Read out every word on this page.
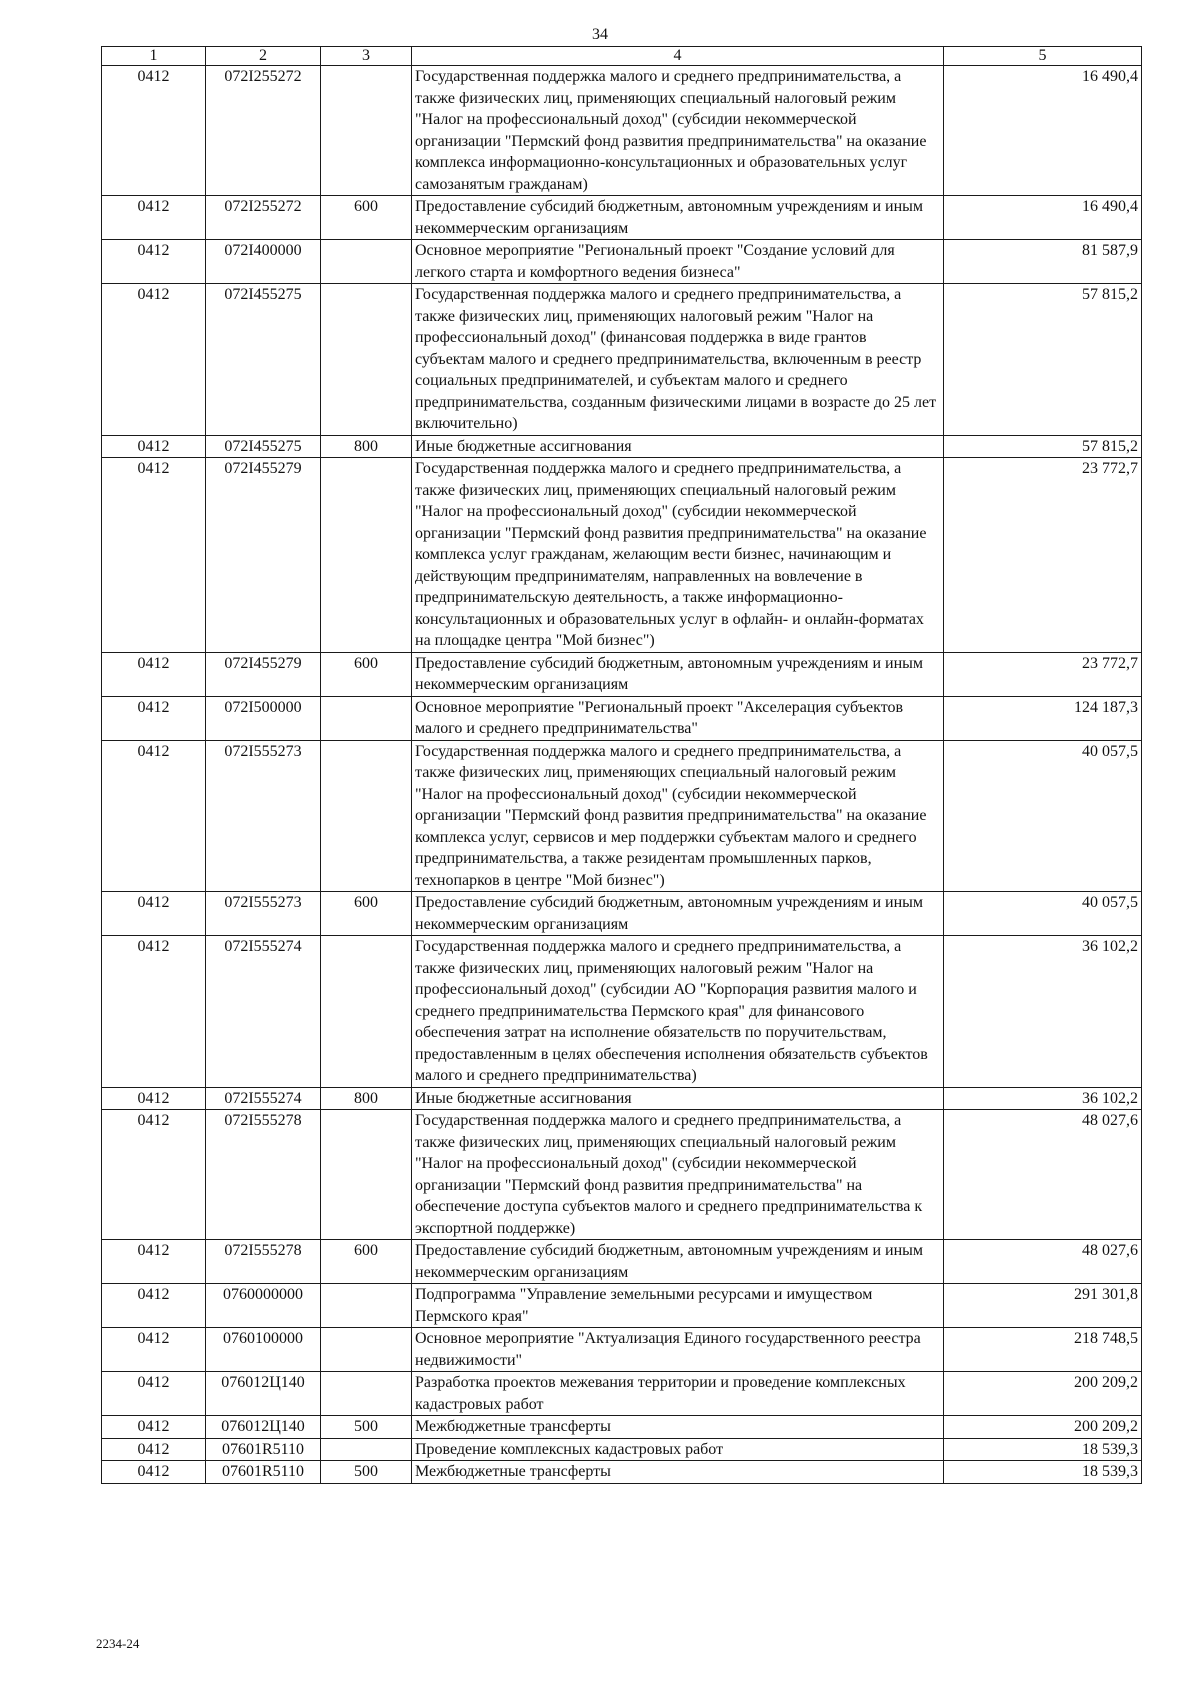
34
1	2	3	4	5
0412	072I255272		Государственная поддержка малого и среднего предпринимательства, а также физических лиц, применяющих специальный налоговый режим "Налог на профессиональный доход" (субсидии некоммерческой организации "Пермский фонд развития предпринимательства" на оказание комплекса информационно-консультационных и образовательных услуг самозанятым гражданам)	16 490,4
0412	072I255272	600	Предоставление субсидий бюджетным, автономным учреждениям и иным некоммерческим организациям	16 490,4
0412	072I400000		Основное мероприятие "Региональный проект "Создание условий для легкого старта и комфортного ведения бизнеса"	81 587,9
0412	072I455275		Государственная поддержка малого и среднего предпринимательства, а также физических лиц, применяющих налоговый режим "Налог на профессиональный доход" (финансовая поддержка в виде грантов субъектам малого и среднего предпринимательства, включенным в реестр социальных предпринимателей, и субъектам малого и среднего предпринимательства, созданным физическими лицами в возрасте до 25 лет включительно)	57 815,2
0412	072I455275	800	Иные бюджетные ассигнования	57 815,2
0412	072I455279		Государственная поддержка малого и среднего предпринимательства, а также физических лиц, применяющих специальный налоговый режим "Налог на профессиональный доход" (субсидии некоммерческой организации "Пермский фонд развития предпринимательства" на оказание комплекса услуг гражданам, желающим вести бизнес, начинающим и действующим предпринимателям, направленных на вовлечение в предпринимательскую деятельность, а также информационно-консультационных и образовательных услуг в офлайн- и онлайн-форматах на площадке центра "Мой бизнес")	23 772,7
0412	072I455279	600	Предоставление субсидий бюджетным, автономным учреждениям и иным некоммерческим организациям	23 772,7
0412	072I500000		Основное мероприятие "Региональный проект "Акселерация субъектов малого и среднего предпринимательства"	124 187,3
0412	072I555273		Государственная поддержка малого и среднего предпринимательства, а также физических лиц, применяющих специальный налоговый режим "Налог на профессиональный доход" (субсидии некоммерческой организации "Пермский фонд развития предпринимательства" на оказание комплекса услуг, сервисов и мер поддержки субъектам малого и среднего предпринимательства, а также резидентам промышленных парков, технопарков в центре "Мой бизнес")	40 057,5
0412	072I555273	600	Предоставление субсидий бюджетным, автономным учреждениям и иным некоммерческим организациям	40 057,5
0412	072I555274		Государственная поддержка малого и среднего предпринимательства, а также физических лиц, применяющих налоговый режим "Налог на профессиональный доход" (субсидии АО "Корпорация развития малого и среднего предпринимательства Пермского края" для финансового обеспечения затрат на исполнение обязательств по поручительствам, предоставленным в целях обеспечения исполнения обязательств субъектов малого и среднего предпринимательства)	36 102,2
0412	072I555274	800	Иные бюджетные ассигнования	36 102,2
0412	072I555278		Государственная поддержка малого и среднего предпринимательства, а также физических лиц, применяющих специальный налоговый режим "Налог на профессиональный доход" (субсидии некоммерческой организации "Пермский фонд развития предпринимательства" на обеспечение доступа субъектов малого и среднего предпринимательства к экспортной поддержке)	48 027,6
0412	072I555278	600	Предоставление субсидий бюджетным, автономным учреждениям и иным некоммерческим организациям	48 027,6
0412	0760000000		Подпрограмма "Управление земельными ресурсами и имуществом Пермского края"	291 301,8
0412	0760100000		Основное мероприятие "Актуализация Единого государственного реестра недвижимости"	218 748,5
0412	076012Ц140		Разработка проектов межевания территории и проведение комплексных кадастровых работ	200 209,2
0412	076012Ц140	500	Межбюджетные трансферты	200 209,2
0412	07601R5110		Проведение комплексных кадастровых работ	18 539,3
0412	07601R5110	500	Межбюджетные трансферты	18 539,3
2234-24
